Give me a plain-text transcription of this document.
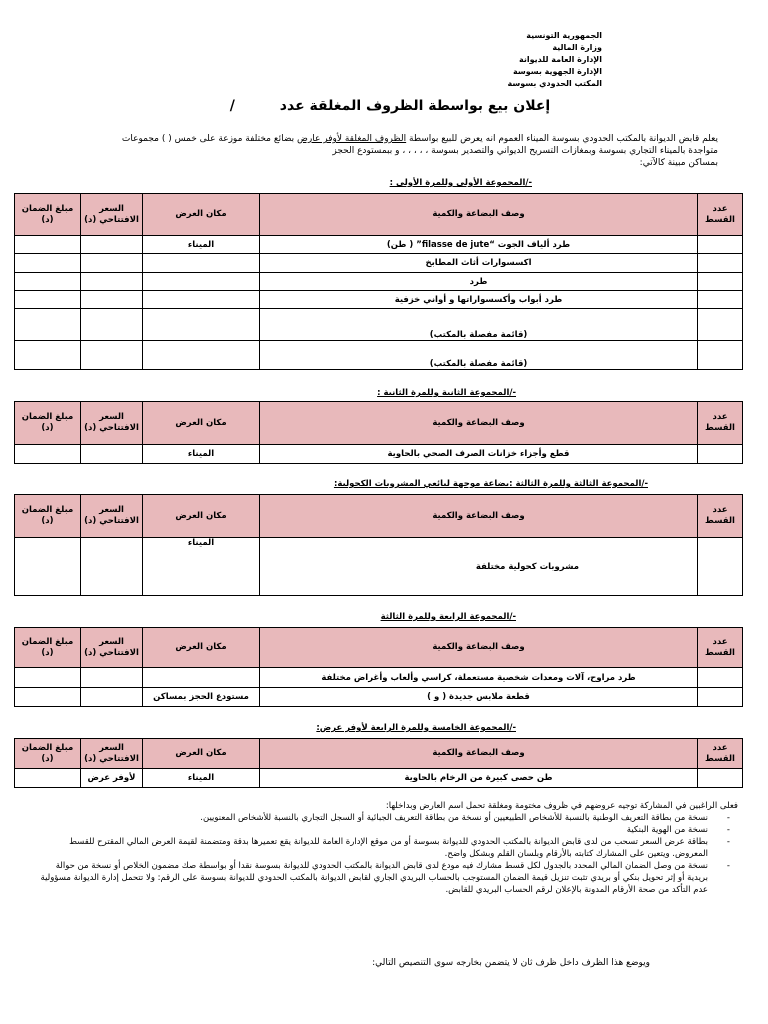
الجمهورية التونسية
وزارة المالية
الإدارة العامة للديوانة
الإدارة الجهوية بسوسة
المكتب الحدودي بسوسة
إعلان بيع بواسطة الظروف المغلقة عدد /
يعلم قابض الديوانة بالمكتب الحدودي بسوسة الميناء العموم انه يعرض للبيع بواسطة الظروف المغلقة لأوفر عارض بضائع مختلفة موزعة على خمس ( ) مجموعات
متواجدة بالميناء التجاري بسوسة وبمغازات التسريح الديواني والتصدير بسوسة ، ، ، ، ، و ببمستودع الحجز
بمساكن مبينة كالآتي:
-/المجموعة الأولى وللمرة الأولى :
عدد القسط	وصف البضاعة والكمية	مكان العرض	السعر الافتتاحي (د)	مبلغ الضمان (د)
	طرد ألياف الجوت “filasse de jute” ( طن)	الميناء		
	اكسسوارات أثاث المطابخ			
	طرد			
	طرد أبواب وأكسسواراتها و أواني خزفية			
	(قائمة مفصلة بالمكتب)			
	(قائمة مفصلة بالمكتب)			
-/المجموعة الثانية وللمرة الثانية :
عدد القسط	وصف البضاعة والكمية	مكان العرض	السعر الافتتاحي (د)	مبلغ الضمان (د)
	قطع وأجزاء خزانات الصرف الصحي بالحاوية	الميناء		
-/المجموعة الثالثة وللمرة الثالثة :بضاعة موجهة لبائعي المشروبات الكحولية:
عدد القسط	وصف البضاعة والكمية	مكان العرض	السعر الافتتاحي (د)	مبلغ الضمان (د)
	مشروبات كحولية مختلفة	الميناء		
-/المجموعة الرابعة وللمرة الثالثة
عدد القسط	وصف البضاعة والكمية	مكان العرض	السعر الافتتاحي (د)	مبلغ الضمان (د)
	طرد مراوح، آلات ومعدات شخصية مستعملة، كراسي وألعاب وأغراض مختلفة			
	قطعة ملابس جديدة ( و )	مستودع الحجز بمساكن		
-/المجموعة الخامسة وللمرة الرابعة لأوفر عرض:
عدد القسط	وصف البضاعة والكمية	مكان العرض	السعر الافتتاحي (د)	مبلغ الضمان (د)
	طن حصى كبيرة من الرخام بالحاوية	الميناء	لأوفر عرض	
فعلى الراغبين في المشاركة توجيه عروضهم في ظروف مختومة ومغلقة تحمل اسم العارض وبداخلها:
- نسخة من بطاقة التعريف الوطنية بالنسبة للأشخاص الطبيعيين أو نسخة من بطاقة التعريف الجبائية أو السجل التجاري بالنسبة للأشخاص المعنويين.
- نسخة من الهوية البنكية
- بطاقة عرض السعر تسحب من لدى قابض الديوانة بالمكتب الحدودي للديوانة بسوسة أو من موقع الإدارة العامة للديوانة يقع تعميرها بدقة ومتضمنة لقيمة العرض المالي المقترح للقسط المعروض. ويتعين على المشارك كتابته بالأرقام وبلسان القلم وبشكل واضح.
- نسخة من وصل الضمان المالي المحدد بالجدول لكل قسط مشارك فيه مودع لدى قابض الديوانة بالمكتب الحدودي للديوانة بسوسة نقدا أو بواسطة صك مضمون الخلاص أو نسخة من حوالة بريدية أو إثر تحويل بنكي أو بريدي تثبت تنزيل قيمة الضمان المستوجب بالحساب البريدي الجاري لقابض الديوانة بالمكتب الحدودي للديوانة بسوسة على الرقم: ولا تتحمل إدارة الديوانة مسؤولية عدم التأكد من صحة الأرقام المدونة بالإعلان لرقم الحساب البريدي للقابض.
ويوضع هذا الظرف داخل ظرف ثان لا يتضمن بخارجه سوى التنصيص التالي:
